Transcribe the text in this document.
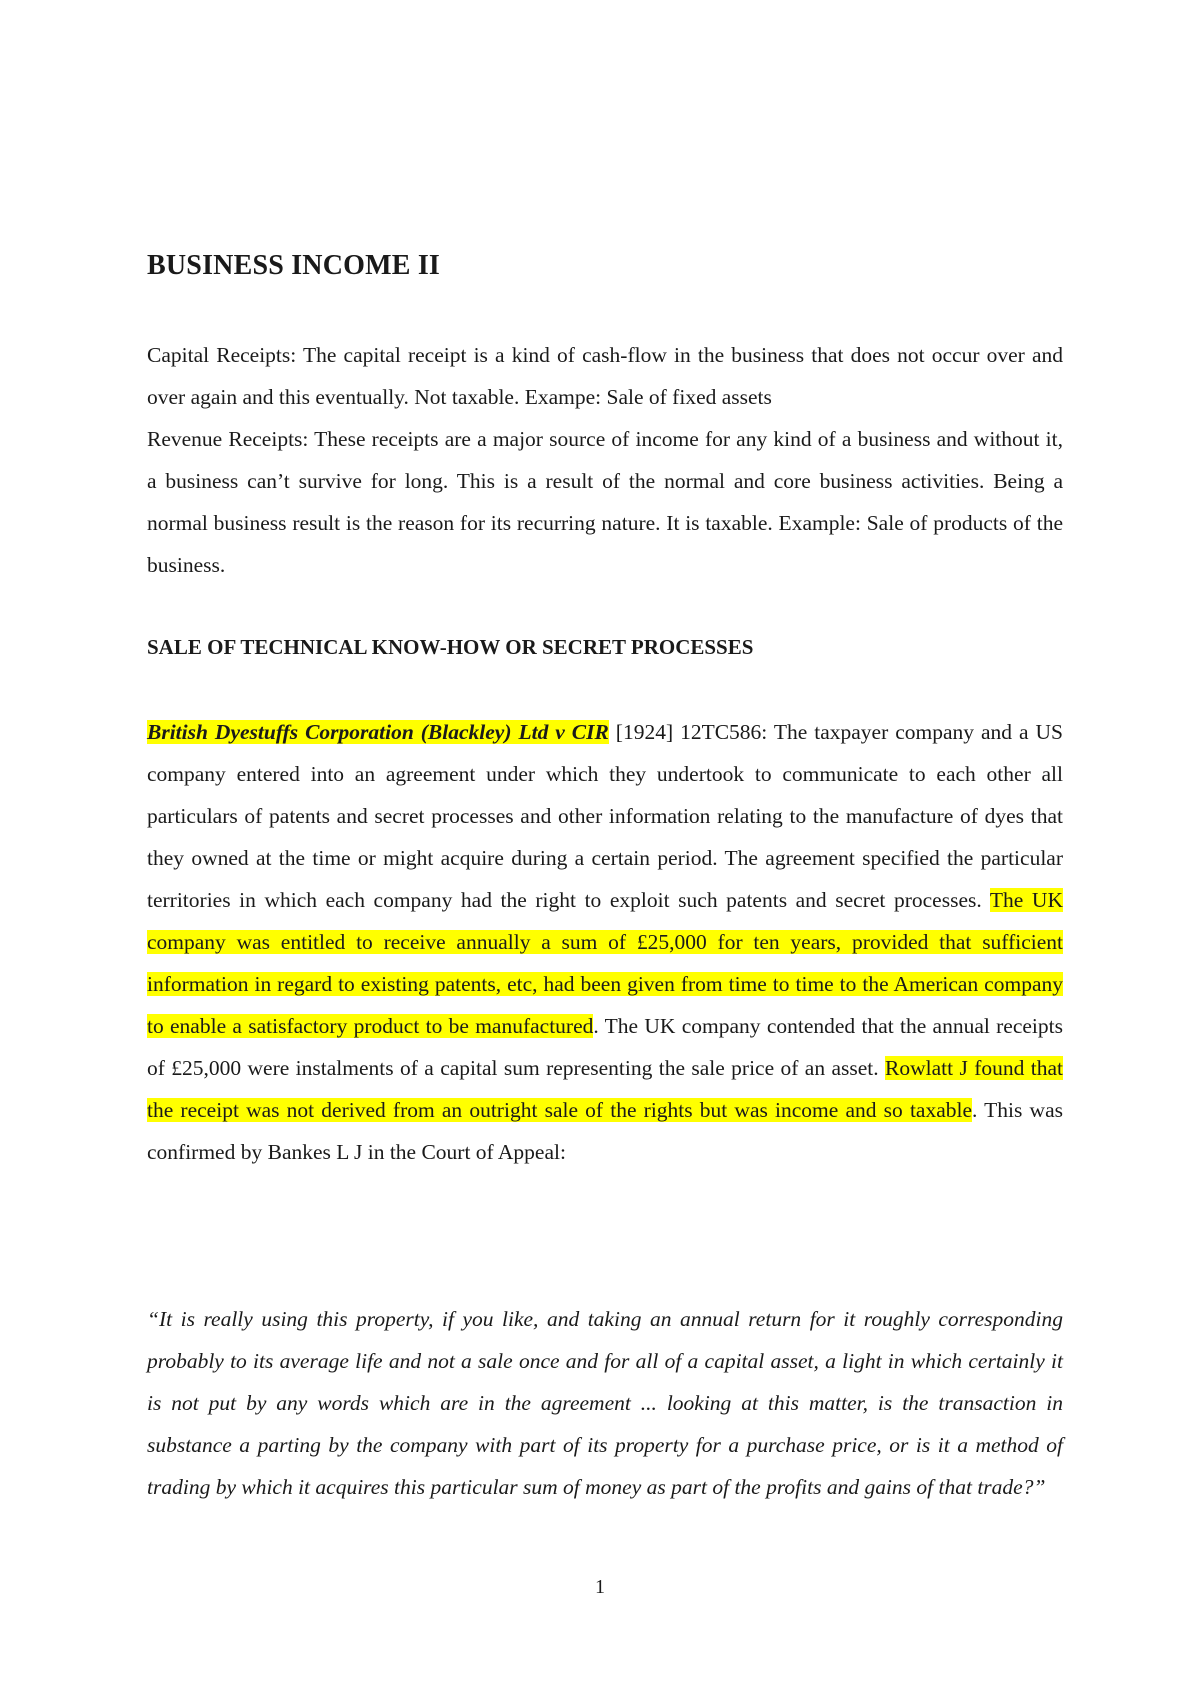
BUSINESS INCOME II

Capital Receipts: The capital receipt is a kind of cash-flow in the business that does not occur over and over again and this eventually. Not taxable. Exampe: Sale of fixed assets

Revenue Receipts: These receipts are a major source of income for any kind of a business and without it, a business can’t survive for long. This is a result of the normal and core business activities. Being a normal business result is the reason for its recurring nature. It is taxable. Example: Sale of products of the business.

SALE OF TECHNICAL KNOW-HOW OR SECRET PROCESSES

British Dyestuffs Corporation (Blackley) Ltd v CIR [1924] 12TC586: The taxpayer company and a US company entered into an agreement under which they undertook to communicate to each other all particulars of patents and secret processes and other information relating to the manufacture of dyes that they owned at the time or might acquire during a certain period. The agreement specified the particular territories in which each company had the right to exploit such patents and secret processes. The UK company was entitled to receive annually a sum of £25,000 for ten years, provided that sufficient information in regard to existing patents, etc, had been given from time to time to the American company to enable a satisfactory product to be manufactured. The UK company contended that the annual receipts of £25,000 were instalments of a capital sum representing the sale price of an asset. Rowlatt J found that the receipt was not derived from an outright sale of the rights but was income and so taxable. This was confirmed by Bankes L J in the Court of Appeal:

“It is really using this property, if you like, and taking an annual return for it roughly corresponding probably to its average life and not a sale once and for all of a capital asset, a light in which certainly it is not put by any words which are in the agreement ... looking at this matter, is the transaction in substance a parting by the company with part of its property for a purchase price, or is it a method of trading by which it acquires this particular sum of money as part of the profits and gains of that trade?”

1
